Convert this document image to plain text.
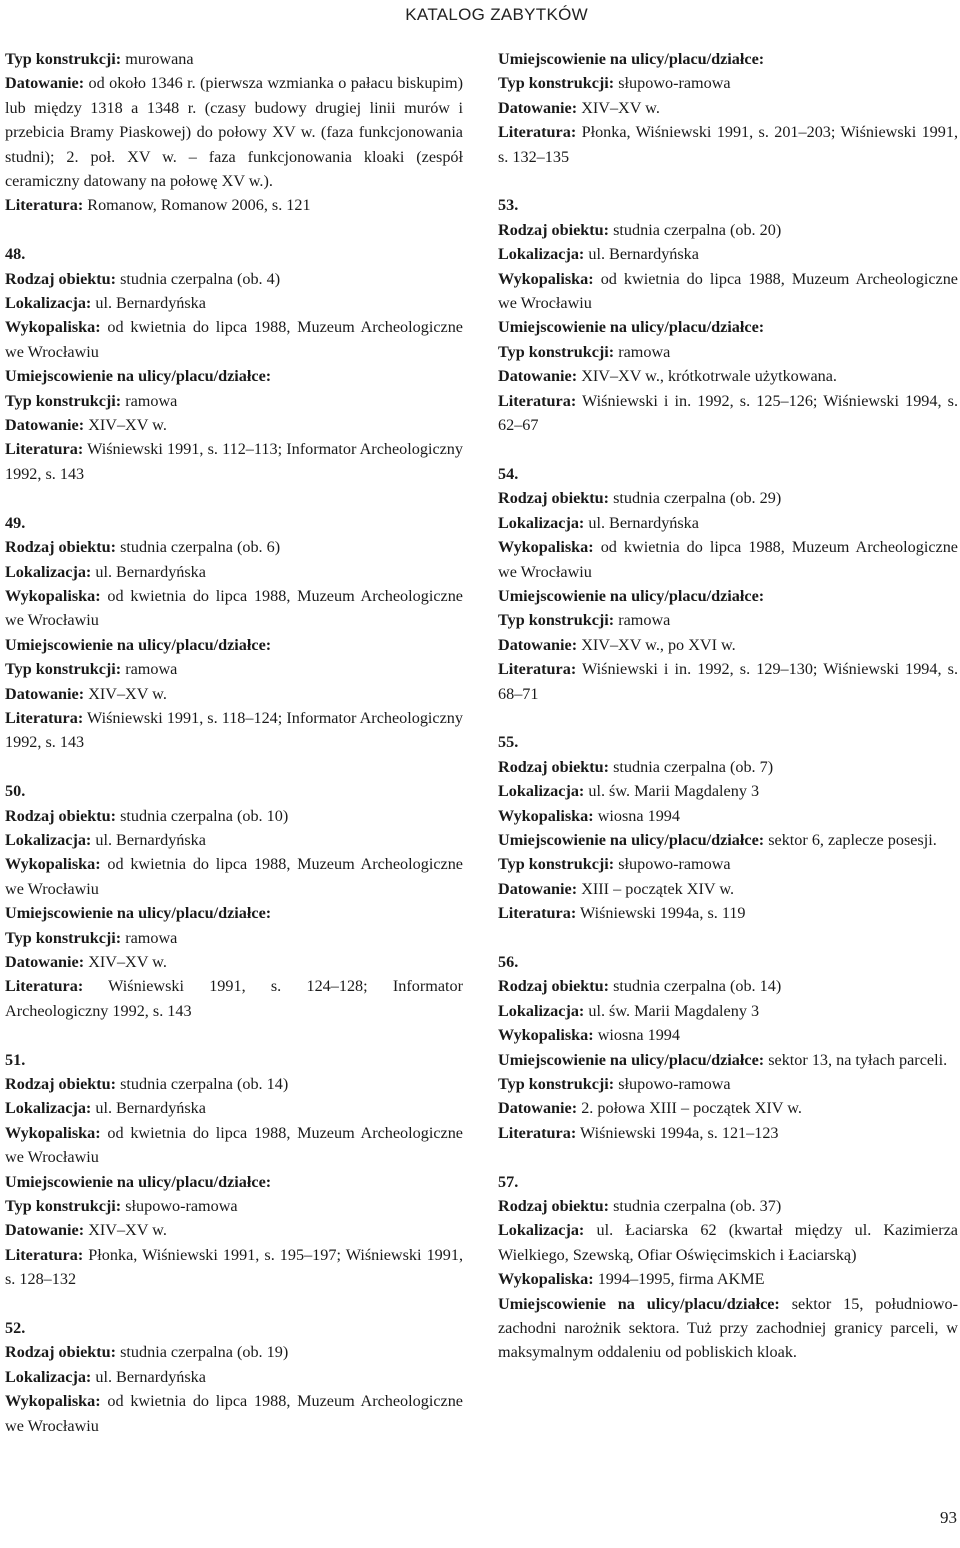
KATALOG ZABYTKÓW

Typ konstrukcji: murowana

Datowanie: od około 1346 r. (pierwsza wzmianka o pałacu biskupim) lub między 1318 a 1348 r. (czasy budowy drugiej linii murów i przebicia Bramy Piaskowej) do połowy XV w. (faza funkcjonowania studni); 2. poł. XV w. – faza funkcjonowania kloaki (zespół ceramiczny datowany na połowę XV w.).

Literatura: Romanow, Romanow 2006, s. 121

48.

Rodzaj obiektu: studnia czerpalna (ob. 4)

Lokalizacja: ul. Bernardyńska

Wykopaliska: od kwietnia do lipca 1988, Muzeum Archeologiczne we Wrocławiu

Umiejscowienie na ulicy/placu/działce:

Typ konstrukcji: ramowa

Datowanie: XIV–XV w.

Literatura: Wiśniewski 1991, s. 112–113; Informator Archeologiczny 1992, s. 143

49.

Rodzaj obiektu: studnia czerpalna (ob. 6)

Lokalizacja: ul. Bernardyńska

Wykopaliska: od kwietnia do lipca 1988, Muzeum Archeologiczne we Wrocławiu

Umiejscowienie na ulicy/placu/działce:

Typ konstrukcji: ramowa

Datowanie: XIV–XV w.

Literatura: Wiśniewski 1991, s. 118–124; Informator Archeologiczny 1992, s. 143

50.

Rodzaj obiektu: studnia czerpalna (ob. 10)

Lokalizacja: ul. Bernardyńska

Wykopaliska: od kwietnia do lipca 1988, Muzeum Archeologiczne we Wrocławiu

Umiejscowienie na ulicy/placu/działce:

Typ konstrukcji: ramowa

Datowanie: XIV–XV w.

Literatura: Wiśniewski 1991, s. 124–128; Informator Archeologiczny 1992, s. 143

51.

Rodzaj obiektu: studnia czerpalna (ob. 14)

Lokalizacja: ul. Bernardyńska

Wykopaliska: od kwietnia do lipca 1988, Muzeum Archeologiczne we Wrocławiu

Umiejscowienie na ulicy/placu/działce:

Typ konstrukcji: słupowo-ramowa

Datowanie: XIV–XV w.

Literatura: Płonka, Wiśniewski 1991, s. 195–197; Wiśniewski 1991, s. 128–132

52.

Rodzaj obiektu: studnia czerpalna (ob. 19)

Lokalizacja: ul. Bernardyńska

Wykopaliska: od kwietnia do lipca 1988, Muzeum Archeologiczne we Wrocławiu

Umiejscowienie na ulicy/placu/działce:

Typ konstrukcji: słupowo-ramowa

Datowanie: XIV–XV w.

Literatura: Płonka, Wiśniewski 1991, s. 201–203; Wiśniewski 1991, s. 132–135

53.

Rodzaj obiektu: studnia czerpalna (ob. 20)

Lokalizacja: ul. Bernardyńska

Wykopaliska: od kwietnia do lipca 1988, Muzeum Archeologiczne we Wrocławiu

Umiejscowienie na ulicy/placu/działce:

Typ konstrukcji: ramowa

Datowanie: XIV–XV w., krótkotrwale użytkowana.

Literatura: Wiśniewski i in. 1992, s. 125–126; Wiśniewski 1994, s. 62–67

54.

Rodzaj obiektu: studnia czerpalna (ob. 29)

Lokalizacja: ul. Bernardyńska

Wykopaliska: od kwietnia do lipca 1988, Muzeum Archeologiczne we Wrocławiu

Umiejscowienie na ulicy/placu/działce:

Typ konstrukcji: ramowa

Datowanie: XIV–XV w., po XVI w.

Literatura: Wiśniewski i in. 1992, s. 129–130; Wiśniewski 1994, s. 68–71

55.

Rodzaj obiektu: studnia czerpalna (ob. 7)

Lokalizacja: ul. św. Marii Magdaleny 3

Wykopaliska: wiosna 1994

Umiejscowienie na ulicy/placu/działce: sektor 6, zaplecze posesji.

Typ konstrukcji: słupowo-ramowa

Datowanie: XIII – początek XIV w.

Literatura: Wiśniewski 1994a, s. 119

56.

Rodzaj obiektu: studnia czerpalna (ob. 14)

Lokalizacja: ul. św. Marii Magdaleny 3

Wykopaliska: wiosna 1994

Umiejscowienie na ulicy/placu/działce: sektor 13, na tyłach parceli.

Typ konstrukcji: słupowo-ramowa

Datowanie: 2. połowa XIII – początek XIV w.

Literatura: Wiśniewski 1994a, s. 121–123

57.

Rodzaj obiektu: studnia czerpalna (ob. 37)

Lokalizacja: ul. Łaciarska 62 (kwartał między ul. Kazimierza Wielkiego, Szewską, Ofiar Oświęcimskich i Łaciarską)

Wykopaliska: 1994–1995, firma AKME

Umiejscowienie na ulicy/placu/działce: sektor 15, południowo-zachodni narożnik sektora. Tuż przy zachodniej granicy parceli, w maksymalnym oddaleniu od pobliskich kloak.

93
